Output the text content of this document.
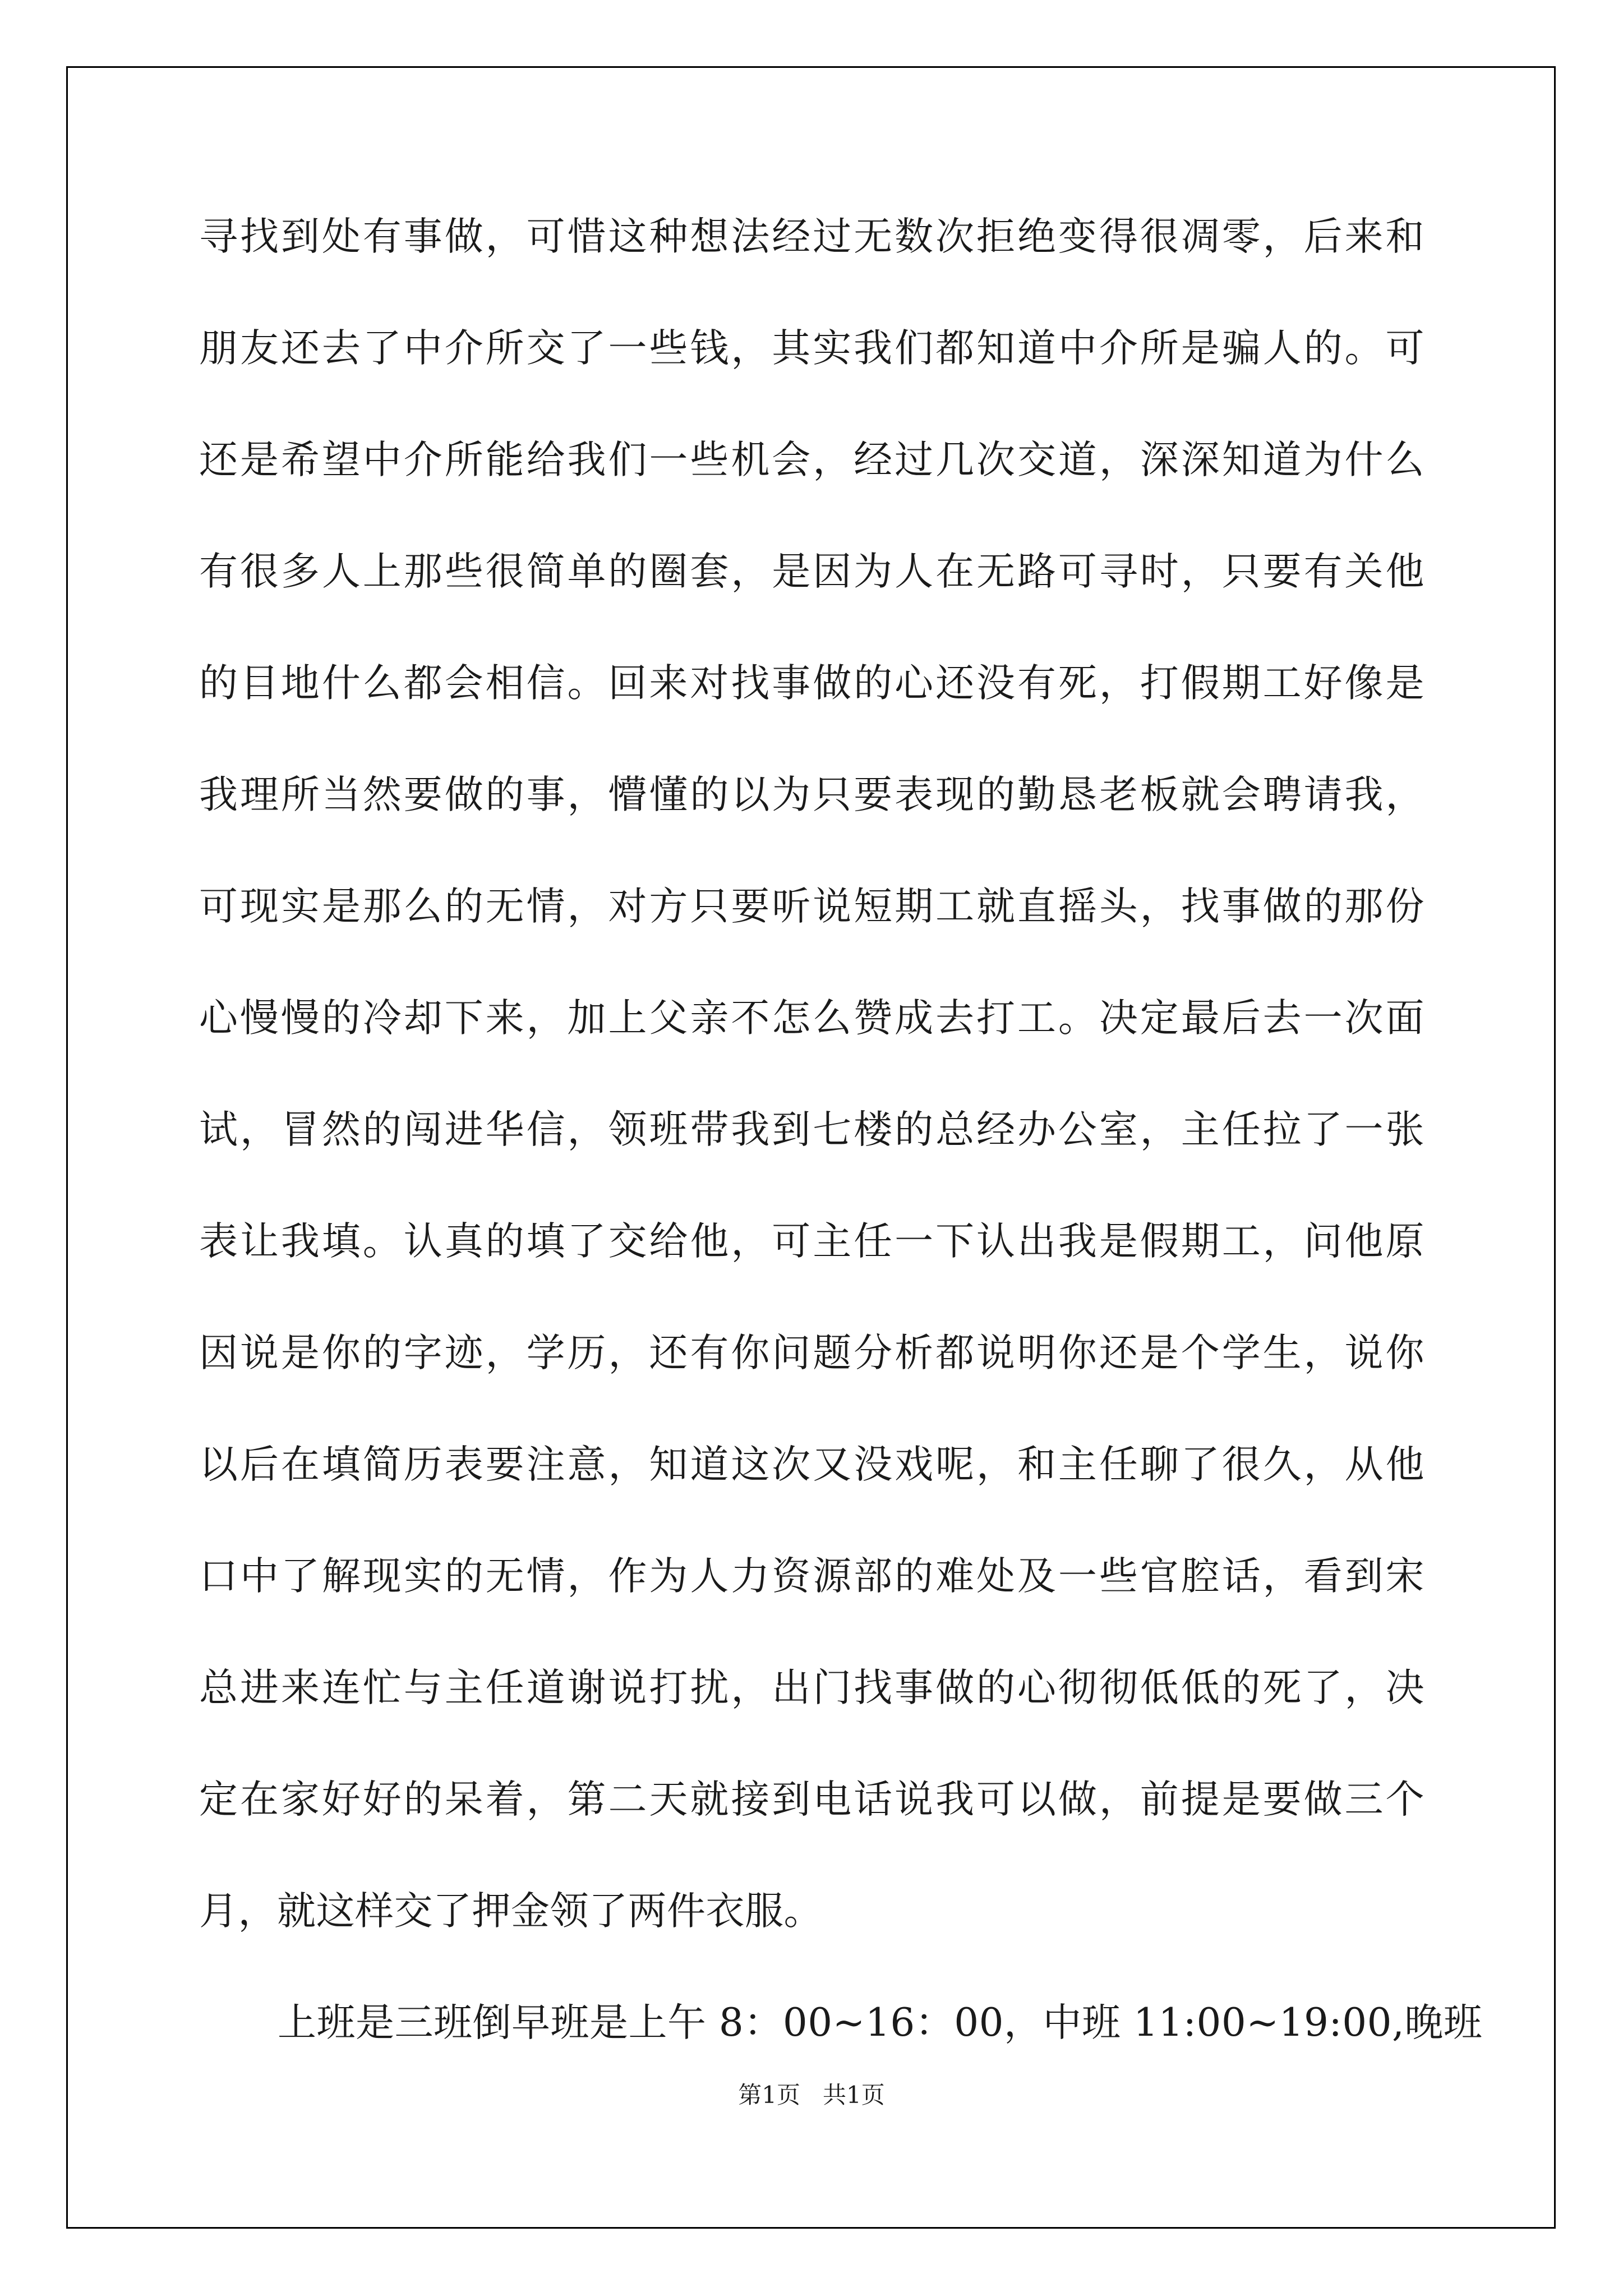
寻找到处有事做，可惜这种想法经过无数次拒绝变得很凋零，后来和
朋友还去了中介所交了一些钱，其实我们都知道中介所是骗人的。可
还是希望中介所能给我们一些机会，经过几次交道，深深知道为什么
有很多人上那些很简单的圈套，是因为人在无路可寻时，只要有关他
的目地什么都会相信。回来对找事做的心还没有死，打假期工好像是
我理所当然要做的事，懵懂的以为只要表现的勤恳老板就会聘请我，
可现实是那么的无情，对方只要听说短期工就直摇头，找事做的那份
心慢慢的冷却下来，加上父亲不怎么赞成去打工。决定最后去一次面
试，冒然的闯进华信，领班带我到七楼的总经办公室，主任拉了一张
表让我填。认真的填了交给他，可主任一下认出我是假期工，问他原
因说是你的字迹，学历，还有你问题分析都说明你还是个学生，说你
以后在填简历表要注意，知道这次又没戏呢，和主任聊了很久，从他
口中了解现实的无情，作为人力资源部的难处及一些官腔话，看到宋
总进来连忙与主任道谢说打扰，出门找事做的心彻彻低低的死了，决
定在家好好的呆着，第二天就接到电话说我可以做，前提是要做三个
月，就这样交了押金领了两件衣服。
上班是三班倒早班是上午 8：00~16：00，中班 11:00~19:00,晚班
第1页 共1页
